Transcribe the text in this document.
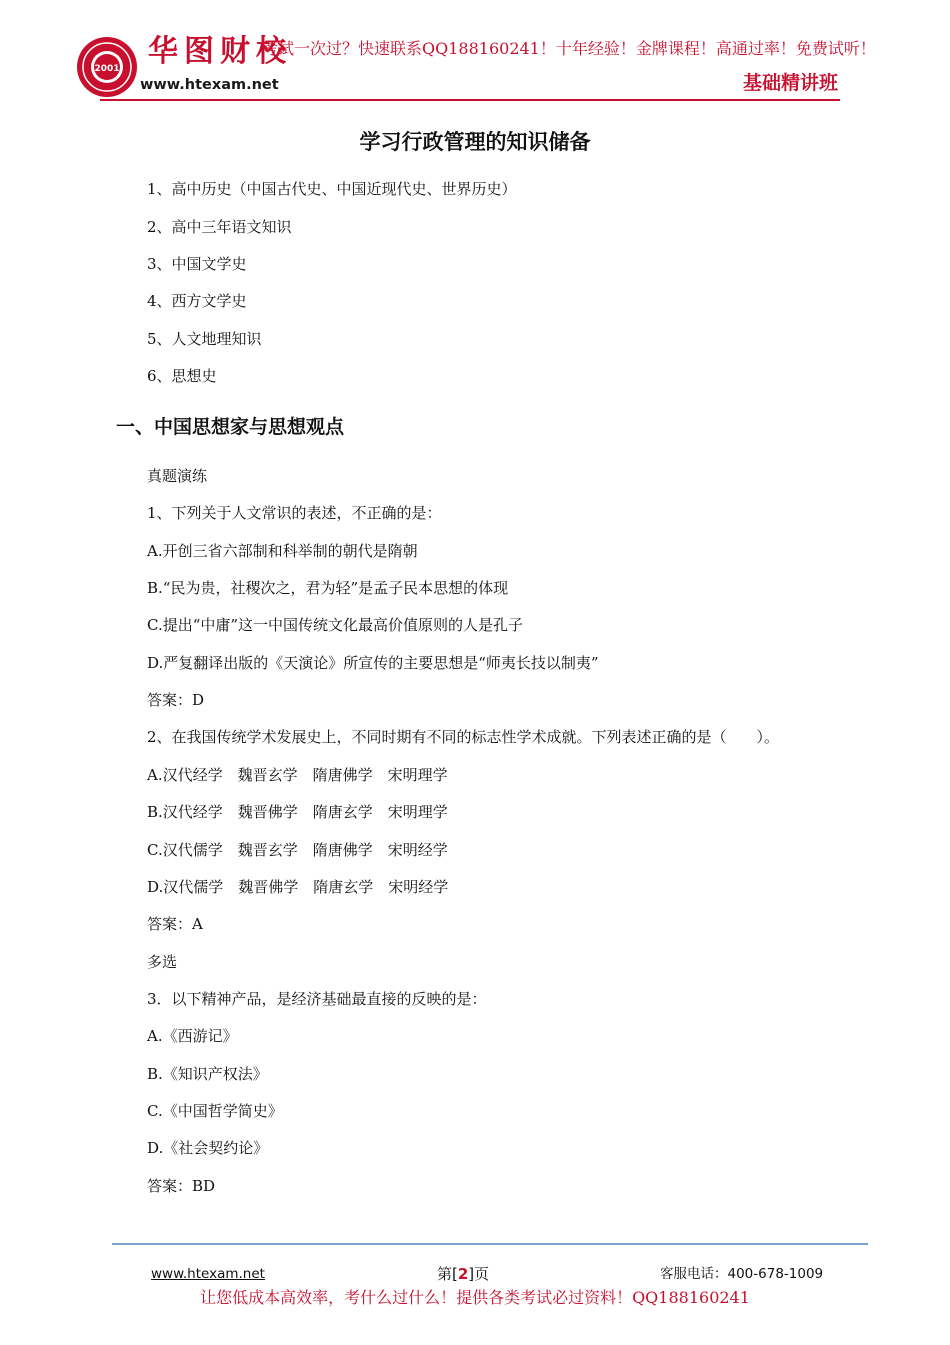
2001 华图财校
www.htexam.net
考试一次过？快速联系QQ188160241！十年经验！金牌课程！高通过率！免费试听！
基础精讲班
学习行政管理的知识储备
1、高中历史（中国古代史、中国近现代史、世界历史）
2、高中三年语文知识
3、中国文学史
4、西方文学史
5、人文地理知识
6、思想史
一、中国思想家与思想观点
真题演练
1、下列关于人文常识的表述，不正确的是：
A.开创三省六部制和科举制的朝代是隋朝
B.“民为贵，社稷次之，君为轻”是孟子民本思想的体现
C.提出“中庸”这一中国传统文化最高价值原则的人是孔子
D.严复翻译出版的《天演论》所宣传的主要思想是“师夷长技以制夷”
答案：D
2、在我国传统学术发展史上，不同时期有不同的标志性学术成就。下列表述正确的是（　　）。
A.汉代经学　魏晋玄学　隋唐佛学　宋明理学
B.汉代经学　魏晋佛学　隋唐玄学　宋明理学
C.汉代儒学　魏晋玄学　隋唐佛学　宋明经学
D.汉代儒学　魏晋佛学　隋唐玄学　宋明经学
答案：A
多选
3．以下精神产品，是经济基础最直接的反映的是：
A.《西游记》
B.《知识产权法》
C.《中国哲学简史》
D.《社会契约论》
答案：BD
www.htexam.net	第[2]页	客服电话：400-678-1009
让您低成本高效率，考什么过什么！提供各类考试必过资料！QQ188160241
